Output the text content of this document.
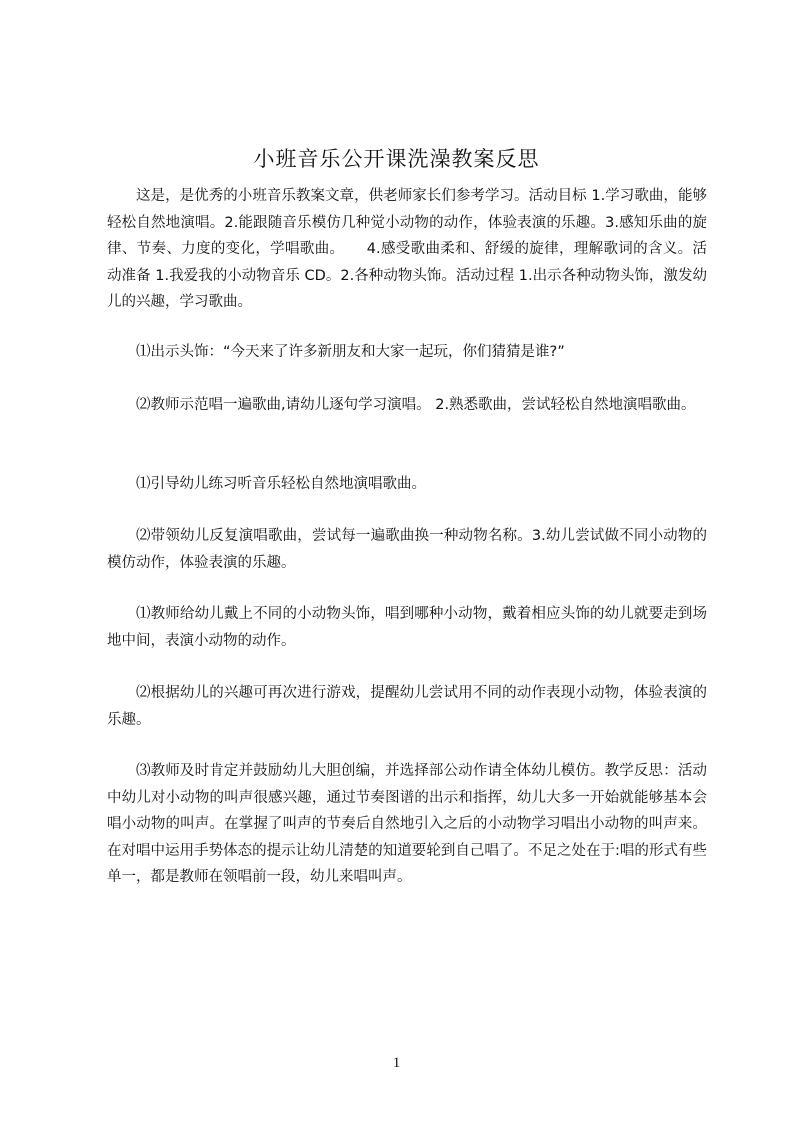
小班音乐公开课洗澡教案反思

这是，是优秀的小班音乐教案文章，供老师家长们参考学习。活动目标 1.学习歌曲，能够轻松自然地演唱。2.能跟随音乐模仿几种觉小动物的动作，体验表演的乐趣。3.感知乐曲的旋律、节奏、力度的变化，学唱歌曲。　　4.感受歌曲柔和、舒缓的旋律，理解歌词的含义。活动准备 1.我爱我的小动物音乐 CD。2.各种动物头饰。活动过程 1.出示各种动物头饰，激发幼儿的兴趣，学习歌曲。

⑴出示头饰：“今天来了许多新朋友和大家一起玩，你们猜猜是谁?”

⑵教师示范唱一遍歌曲,请幼儿逐句学习演唱。 2.熟悉歌曲，尝试轻松自然地演唱歌曲。

⑴引导幼儿练习听音乐轻松自然地演唱歌曲。

⑵带领幼儿反复演唱歌曲，尝试每一遍歌曲换一种动物名称。3.幼儿尝试做不同小动物的模仿动作，体验表演的乐趣。

⑴教师给幼儿戴上不同的小动物头饰，唱到哪种小动物，戴着相应头饰的幼儿就要走到场地中间，表演小动物的动作。

⑵根据幼儿的兴趣可再次进行游戏，提醒幼儿尝试用不同的动作表现小动物，体验表演的乐趣。

⑶教师及时肯定并鼓励幼儿大胆创编，并选择部公动作请全体幼儿模仿。教学反思：活动中幼儿对小动物的叫声很感兴趣，通过节奏图谱的出示和指挥，幼儿大多一开始就能够基本会唱小动物的叫声。在掌握了叫声的节奏后自然地引入之后的小动物学习唱出小动物的叫声来。在对唱中运用手势体态的提示让幼儿清楚的知道要轮到自己唱了。不足之处在于:唱的形式有些单一，都是教师在领唱前一段，幼儿来唱叫声。

1
